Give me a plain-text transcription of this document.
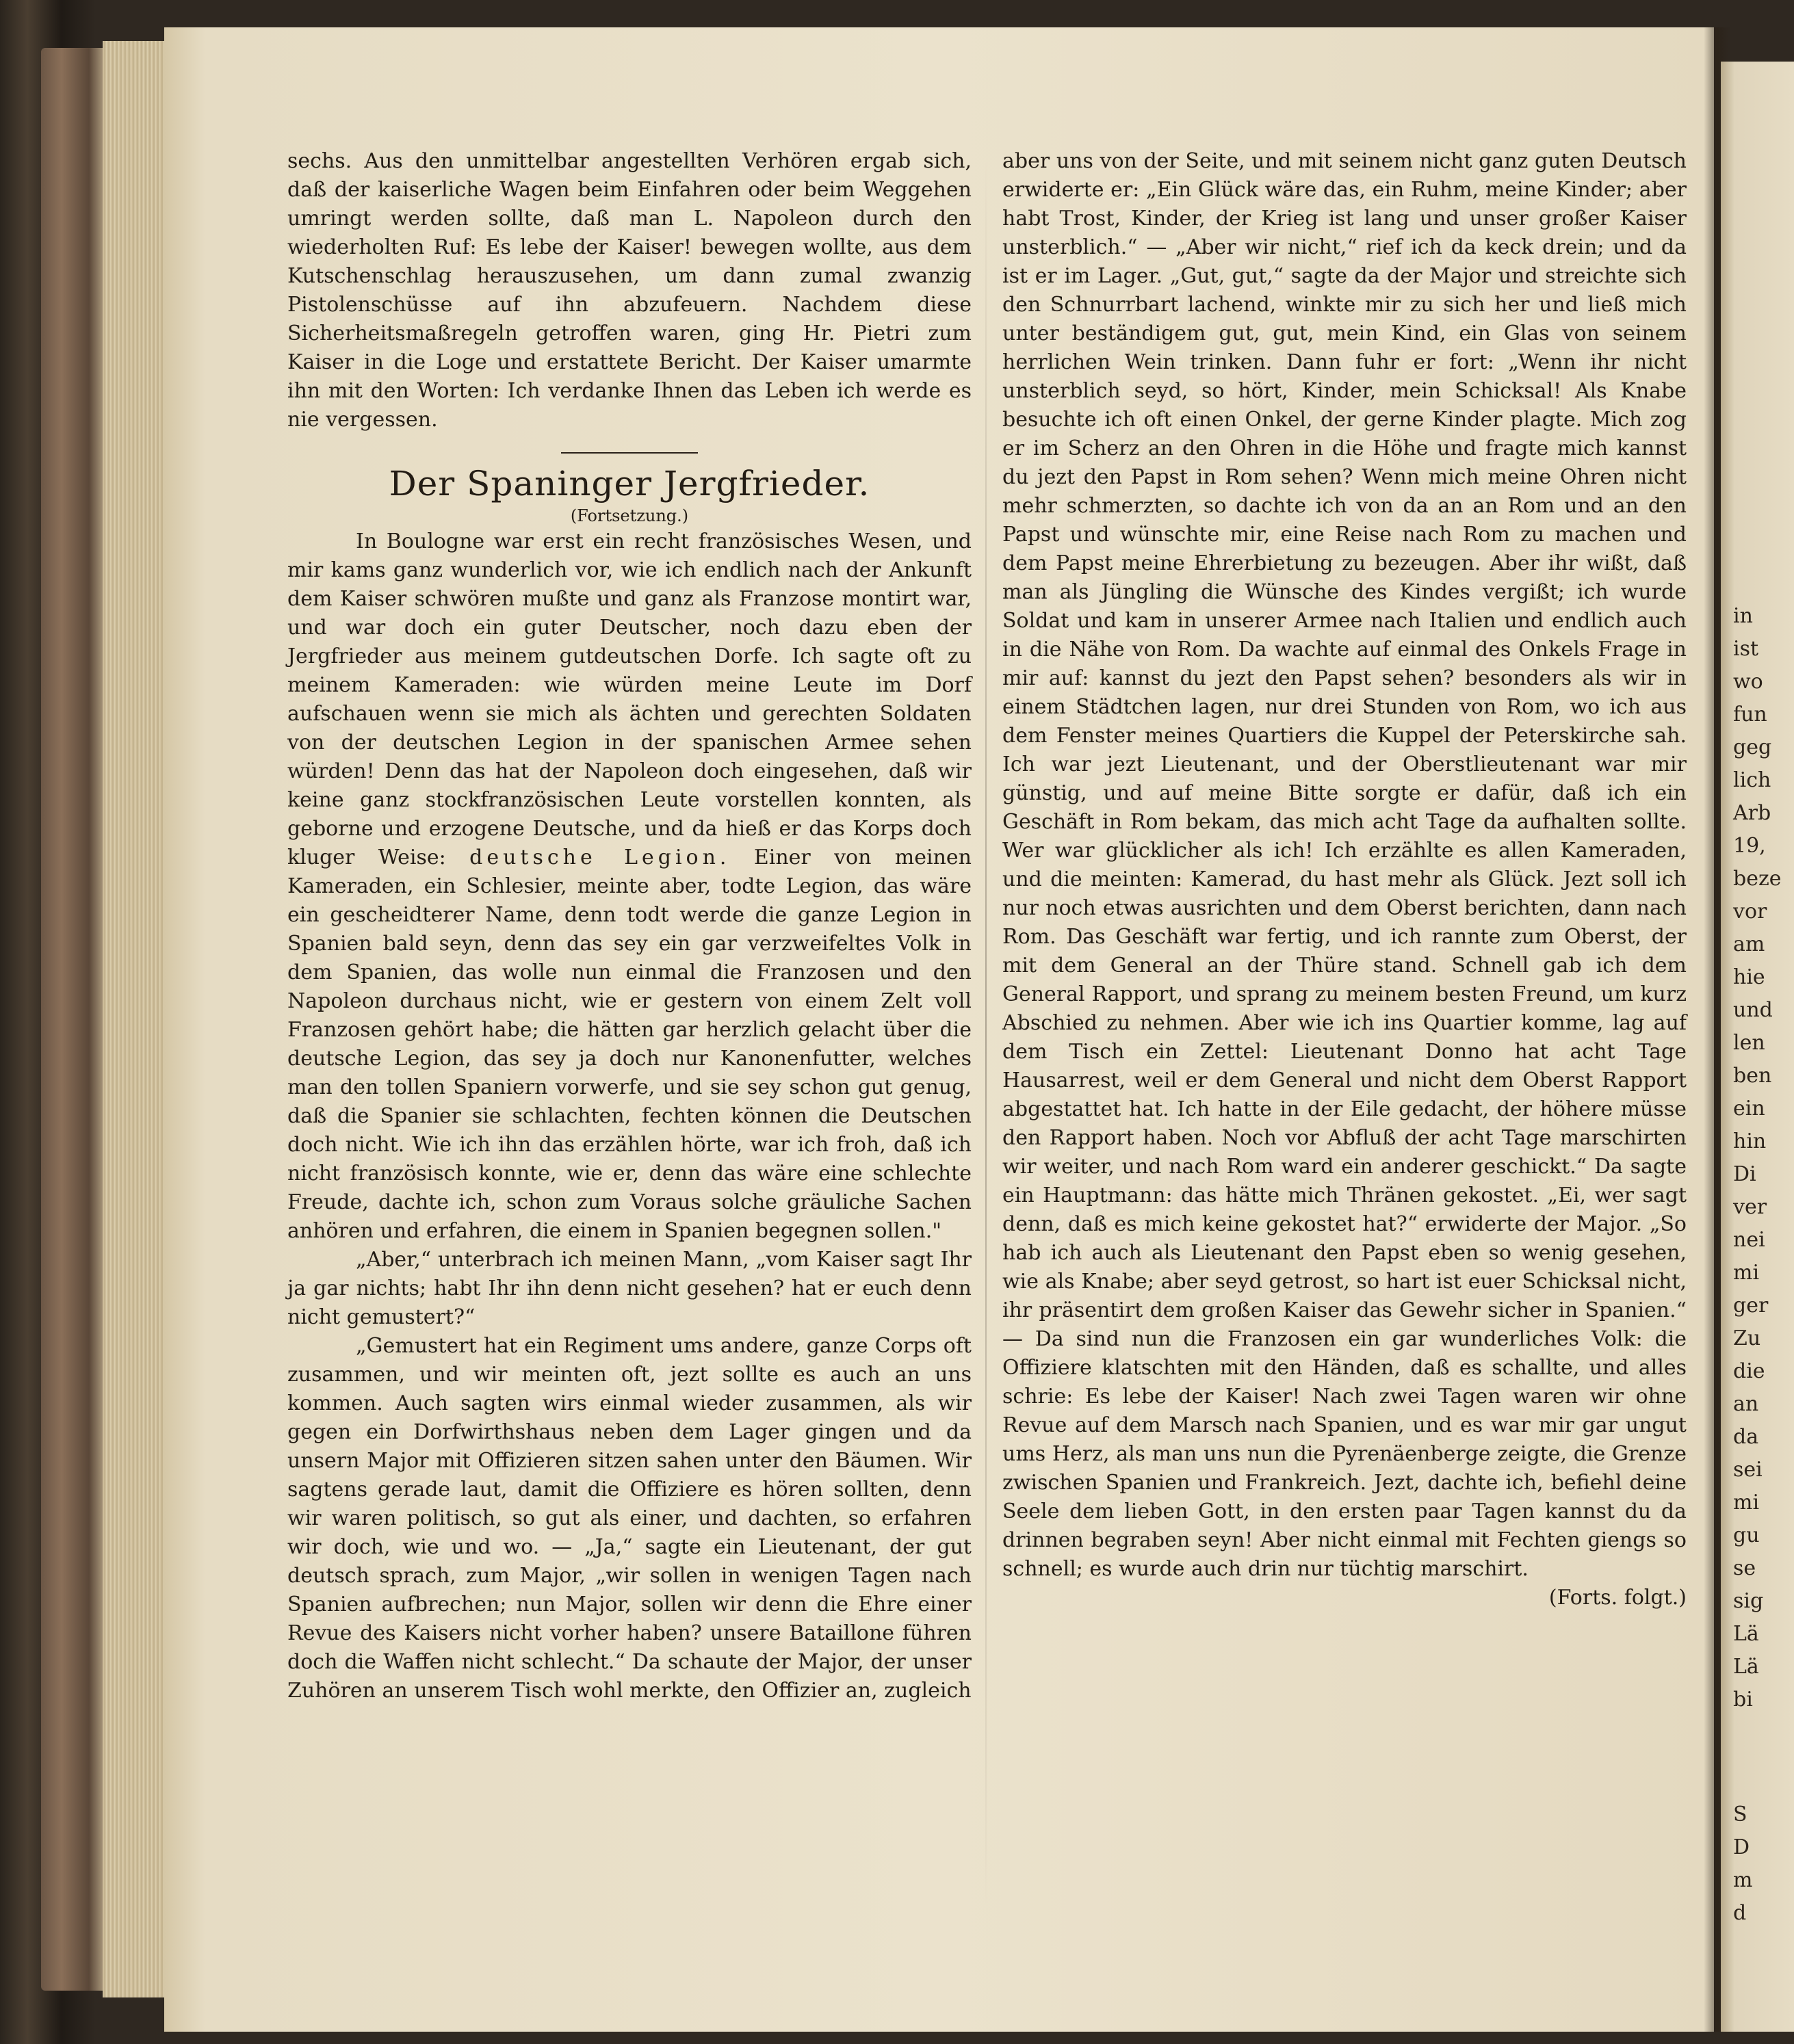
sechs. Aus den unmittelbar angestellten Verhören ergab sich, daß der kaiserliche Wagen beim Einfahren oder beim Weggehen umringt werden sollte, daß man L. Napoleon durch den wiederholten Ruf: Es lebe der Kaiser! bewegen wollte, aus dem Kutschenschlag herauszusehen, um dann zumal zwanzig Pistolenschüsse auf ihn abzufeuern. Nachdem diese Sicherheitsmaßregeln getroffen waren, ging Hr. Pietri zum Kaiser in die Loge und erstattete Bericht. Der Kaiser umarmte ihn mit den Worten: Ich verdanke Ihnen das Leben ich werde es nie vergessen.

Der Spaninger Jergfrieder.

(Fortsetzung.)

In Boulogne war erst ein recht französisches Wesen, und mir kams ganz wunderlich vor, wie ich endlich nach der Ankunft dem Kaiser schwören mußte und ganz als Franzose montirt war, und war doch ein guter Deutscher, noch dazu eben der Jergfrieder aus meinem gutdeutschen Dorfe. Ich sagte oft zu meinem Kameraden: wie würden meine Leute im Dorf aufschauen wenn sie mich als ächten und gerechten Soldaten von der deutschen Legion in der spanischen Armee sehen würden! Denn das hat der Napoleon doch eingesehen, daß wir keine ganz stockfranzösischen Leute vorstellen konnten, als geborne und erzogene Deutsche, und da hieß er das Korps doch kluger Weise: deutsche Legion. Einer von meinen Kameraden, ein Schlesier, meinte aber, todte Legion, das wäre ein gescheidterer Name, denn todt werde die ganze Legion in Spanien bald seyn, denn das sey ein gar verzweifeltes Volk in dem Spanien, das wolle nun einmal die Franzosen und den Napoleon durchaus nicht, wie er gestern von einem Zelt voll Franzosen gehört habe; die hätten gar herzlich gelacht über die deutsche Legion, das sey ja doch nur Kanonenfutter, welches man den tollen Spaniern vorwerfe, und sie sey schon gut genug, daß die Spanier sie schlachten, fechten können die Deutschen doch nicht. Wie ich ihn das erzählen hörte, war ich froh, daß ich nicht französisch konnte, wie er, denn das wäre eine schlechte Freude, dachte ich, schon zum Voraus solche gräuliche Sachen anhören und erfahren, die einem in Spanien begegnen sollen."

„Aber,“ unterbrach ich meinen Mann, „vom Kaiser sagt Ihr ja gar nichts; habt Ihr ihn denn nicht gesehen? hat er euch denn nicht gemustert?“

„Gemustert hat ein Regiment ums andere, ganze Corps oft zusammen, und wir meinten oft, jezt sollte es auch an uns kommen. Auch sagten wirs einmal wieder zusammen, als wir gegen ein Dorfwirthshaus neben dem Lager gingen und da unsern Major mit Offizieren sitzen sahen unter den Bäumen. Wir sagtens gerade laut, damit die Offiziere es hören sollten, denn wir waren politisch, so gut als einer, und dachten, so erfahren wir doch, wie und wo. — „Ja,“ sagte ein Lieutenant, der gut deutsch sprach, zum Major, „wir sollen in wenigen Tagen nach Spanien aufbrechen; nun Major, sollen wir denn die Ehre einer Revue des Kaisers nicht vorher haben? unsere Bataillone führen doch die Waffen nicht schlecht.“ Da schaute der Major, der unser Zuhören an unserem Tisch wohl merkte, den Offizier an, zugleich

aber uns von der Seite, und mit seinem nicht ganz guten Deutsch erwiderte er: „Ein Glück wäre das, ein Ruhm, meine Kinder; aber habt Trost, Kinder, der Krieg ist lang und unser großer Kaiser unsterblich.“ — „Aber wir nicht,“ rief ich da keck drein; und da ist er im Lager. „Gut, gut,“ sagte da der Major und streichte sich den Schnurrbart lachend, winkte mir zu sich her und ließ mich unter beständigem gut, gut, mein Kind, ein Glas von seinem herrlichen Wein trinken. Dann fuhr er fort: „Wenn ihr nicht unsterblich seyd, so hört, Kinder, mein Schicksal! Als Knabe besuchte ich oft einen Onkel, der gerne Kinder plagte. Mich zog er im Scherz an den Ohren in die Höhe und fragte mich kannst du jezt den Papst in Rom sehen? Wenn mich meine Ohren nicht mehr schmerzten, so dachte ich von da an an Rom und an den Papst und wünschte mir, eine Reise nach Rom zu machen und dem Papst meine Ehrerbietung zu bezeugen. Aber ihr wißt, daß man als Jüngling die Wünsche des Kindes vergißt; ich wurde Soldat und kam in unserer Armee nach Italien und endlich auch in die Nähe von Rom. Da wachte auf einmal des Onkels Frage in mir auf: kannst du jezt den Papst sehen? besonders als wir in einem Städtchen lagen, nur drei Stunden von Rom, wo ich aus dem Fenster meines Quartiers die Kuppel der Peterskirche sah. Ich war jezt Lieutenant, und der Oberstlieutenant war mir günstig, und auf meine Bitte sorgte er dafür, daß ich ein Geschäft in Rom bekam, das mich acht Tage da aufhalten sollte. Wer war glücklicher als ich! Ich erzählte es allen Kameraden, und die meinten: Kamerad, du hast mehr als Glück. Jezt soll ich nur noch etwas ausrichten und dem Oberst berichten, dann nach Rom. Das Geschäft war fertig, und ich rannte zum Oberst, der mit dem General an der Thüre stand. Schnell gab ich dem General Rapport, und sprang zu meinem besten Freund, um kurz Abschied zu nehmen. Aber wie ich ins Quartier komme, lag auf dem Tisch ein Zettel: Lieutenant Donno hat acht Tage Hausarrest, weil er dem General und nicht dem Oberst Rapport abgestattet hat. Ich hatte in der Eile gedacht, der höhere müsse den Rapport haben. Noch vor Abfluß der acht Tage marschirten wir weiter, und nach Rom ward ein anderer geschickt.“ Da sagte ein Hauptmann: das hätte mich Thränen gekostet. „Ei, wer sagt denn, daß es mich keine gekostet hat?“ erwiderte der Major. „So hab ich auch als Lieutenant den Papst eben so wenig gesehen, wie als Knabe; aber seyd getrost, so hart ist euer Schicksal nicht, ihr präsentirt dem großen Kaiser das Gewehr sicher in Spanien.“ — Da sind nun die Franzosen ein gar wunderliches Volk: die Offiziere klatschten mit den Händen, daß es schallte, und alles schrie: Es lebe der Kaiser! Nach zwei Tagen waren wir ohne Revue auf dem Marsch nach Spanien, und es war mir gar ungut ums Herz, als man uns nun die Pyrenäenberge zeigte, die Grenze zwischen Spanien und Frankreich. Jezt, dachte ich, befiehl deine Seele dem lieben Gott, in den ersten paar Tagen kannst du da drinnen begraben seyn! Aber nicht einmal mit Fechten giengs so schnell; es wurde auch drin nur tüchtig marschirt.

(Forts. folgt.)

in
ist
wo
fun
geg
lich
Arb
19,
beze
vor
am
hie
und
len
ben
ein
hin
Di
ver
nei
mi
ger
Zu
die
an
da
sei
mi
gu
se
sig
Lä
Lä
bi
S
D
m
d
